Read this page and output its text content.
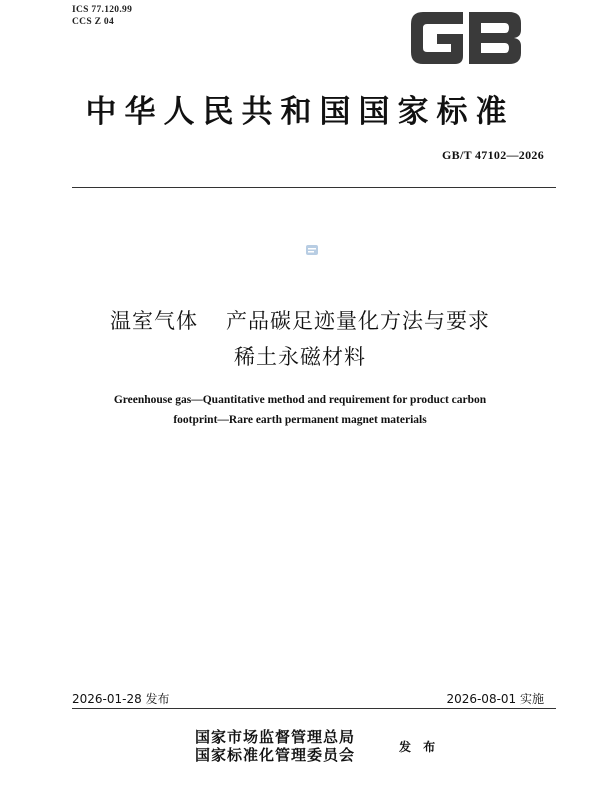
ICS 77.120.99
CCS Z 04
中华人民共和国国家标准
GB/T 47102—2026
温室气体 产品碳足迹量化方法与要求
稀土永磁材料
Greenhouse gas—Quantitative method and requirement for product carbon
footprint—Rare earth permanent magnet materials
2026-01-28 发布	2026-08-01 实施
国家市场监督管理总局
国家标准化管理委员会	发 布
